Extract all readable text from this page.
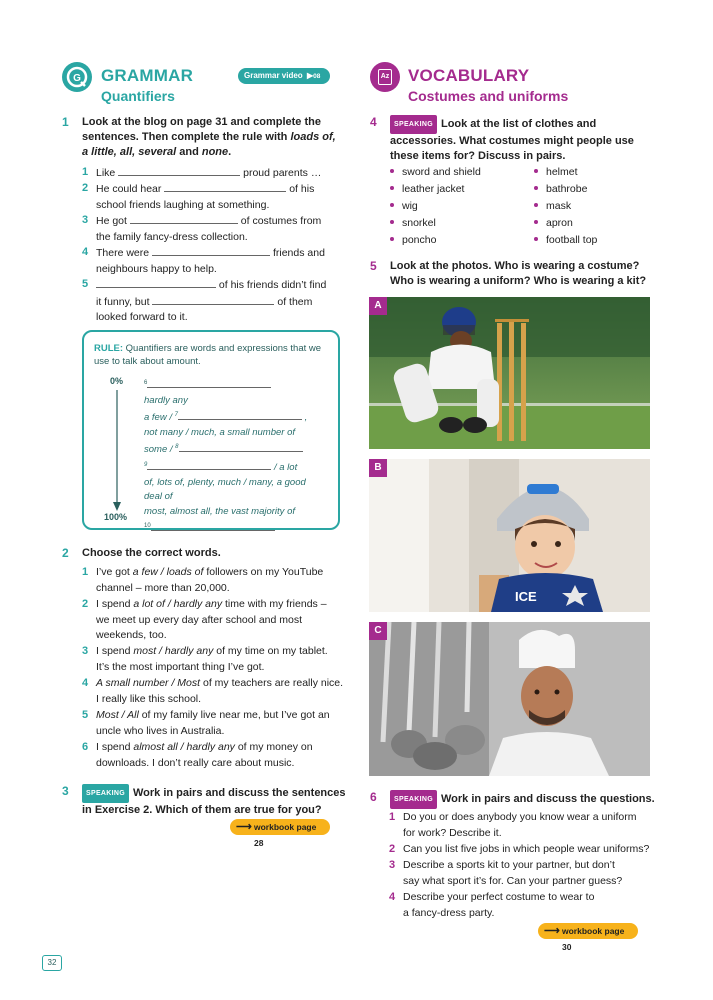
G GRAMMAR
Quantifiers
Grammar video ▶08
1 Look at the blog on page 31 and complete the
sentences. Then complete the rule with loads of,
a little, all, several and none.
1 Like	proud parents …
2 He could hear	of his
school friends laughing at something.
3 He got	of costumes from
the family fancy-dress collection.
4 There were	friends and
neighbours happy to help.
5	of his friends didn’t find
it funny, but	of them
looked forward to it.
RULE: Quantifiers are words and expressions that we
use to talk about amount.
0%
100%
$^6$
hardly any
a few / $^7$	,
not many / much, a small number of
some / $^8$
$^9$	/ a lot
of, lots of, plenty, much / many, a good
deal of
most, almost all, the vast majority of
$^{10}$
2 Choose the correct words.
1 I’ve got a few / loads of followers on my YouTube
channel – more than 20,000.
2 I spend a lot of / hardly any time with my friends –
we meet up every day after school and most
weekends, too.
3 I spend most / hardly any of my time on my tablet.
It’s the most important thing I’ve got.
4 A small number / Most of my teachers are really nice.
I really like this school.
5 Most / All of my family live near me, but I’ve got an
uncle who lives in Australia.
6 I spend almost all / hardly any of my money on
downloads. I don’t really care about music.
3	SPEAKING Work in pairs and discuss the sentences
in Exercise 2. Which of them are true for you?
⟶ workbook page 28
32
Az VOCABULARY
Costumes and uniforms
4	SPEAKING Look at the list of clothes and
accessories. What costumes might people use
these items for? Discuss in pairs.
sword and shield
leather jacket
wig
snorkel
poncho
helmet
bathrobe
mask
apron
football top
5 Look at the photos. Who is wearing a costume?
Who is wearing a uniform? Who is wearing a kit?
A
ICE
B
C
6	SPEAKING Work in pairs and discuss the questions.
1 Do you or does anybody you know wear a uniform
for work? Describe it.
2 Can you list five jobs in which people wear uniforms?
3 Describe a sports kit to your partner, but don’t
say what sport it’s for. Can your partner guess?
4 Describe your perfect costume to wear to
a fancy-dress party.
⟶ workbook page 30
